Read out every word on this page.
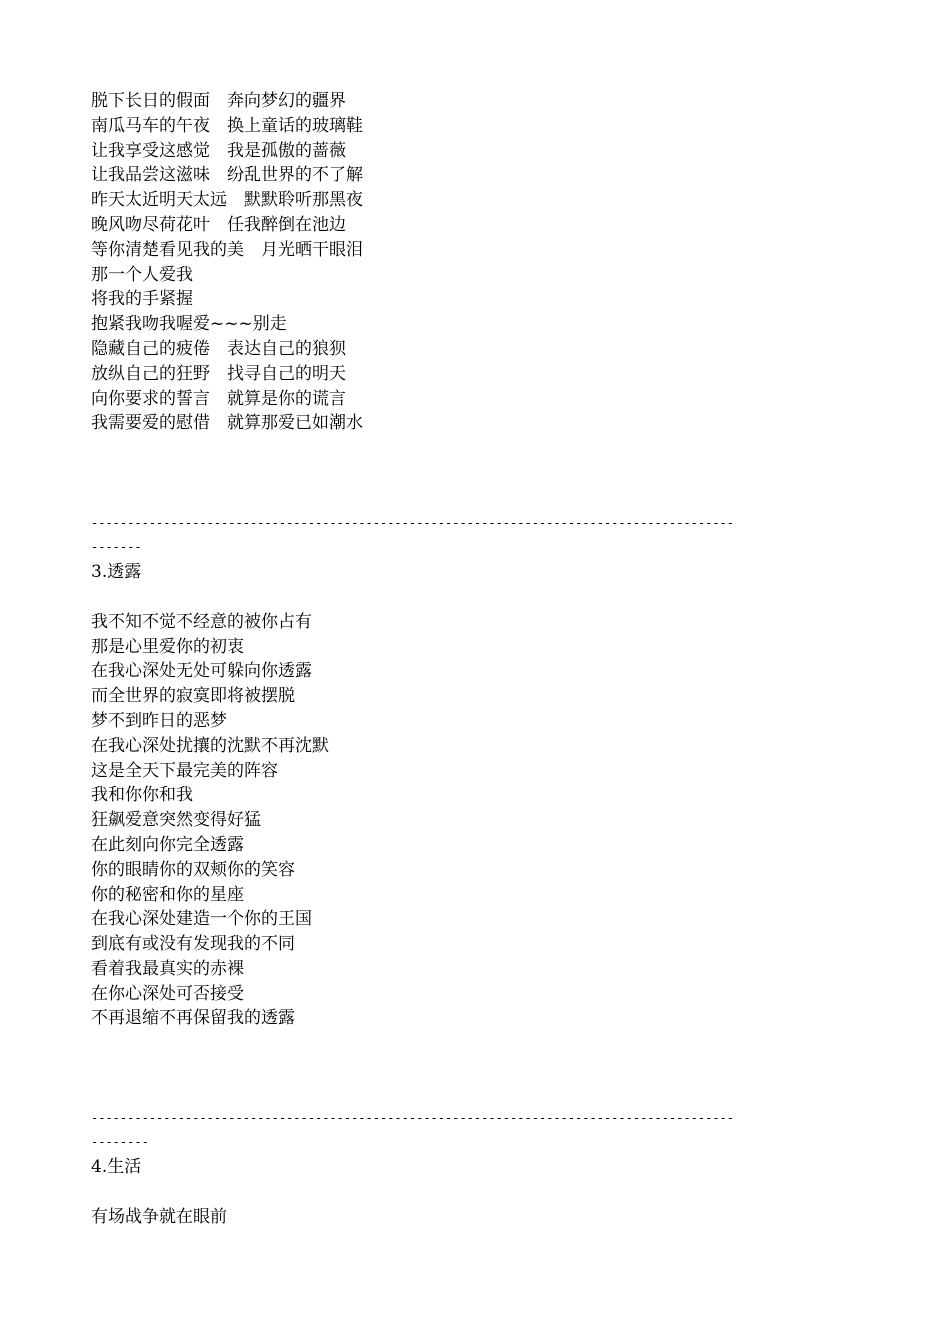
脱下长日的假面　奔向梦幻的疆界
南瓜马车的午夜　换上童话的玻璃鞋
让我享受这感觉　我是孤傲的蔷薇
让我品尝这滋味　纷乱世界的不了解
昨天太近明天太远　默默聆听那黑夜
晚风吻尽荷花叶　任我醉倒在池边
等你清楚看见我的美　月光晒干眼泪
那一个人爱我
将我的手紧握
抱紧我吻我喔爱~~~别走
隐藏自己的疲倦　表达自己的狼狈
放纵自己的狂野　找寻自己的明天
向你要求的誓言　就算是你的谎言
我需要爱的慰借　就算那爱已如潮水
-----------------------------------------------------------------------------------------
-------
3.透露
我不知不觉不经意的被你占有
那是心里爱你的初衷
在我心深处无处可躲向你透露
而全世界的寂寞即将被摆脱
梦不到昨日的恶梦
在我心深处扰攘的沈默不再沈默
这是全天下最完美的阵容
我和你你和我
狂飙爱意突然变得好猛
在此刻向你完全透露
你的眼睛你的双颊你的笑容
你的秘密和你的星座
在我心深处建造一个你的王国
到底有或没有发现我的不同
看着我最真实的赤裸
在你心深处可否接受
不再退缩不再保留我的透露
-----------------------------------------------------------------------------------------
--------
4.生活
有场战争就在眼前
